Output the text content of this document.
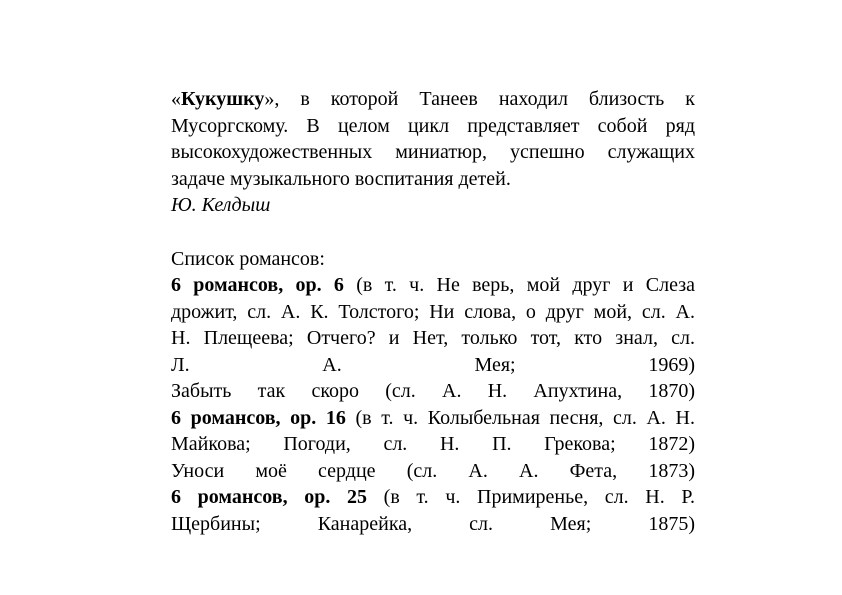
«Кукушку», в которой Танеев находил близость к
Мусоргскому. В целом цикл представляет собой ряд
высокохудожественных миниатюр, успешно служащих
задаче музыкального воспитания детей.
Ю. Келдыш
Список романсов:
6 романсов, ор. 6 (в т. ч. Не верь, мой друг и Слеза
дрожит, сл. А. К. Толстого; Ни слова, о друг мой, сл. А.
Н. Плещеева; Отчего? и Нет, только тот, кто знал, сл.
Л. А. Мея; 1969)
Забыть так скоро (сл. А. Н. Апухтина, 1870)
6 романсов, ор. 16 (в т. ч. Колыбельная песня, сл. А. Н.
Майкова; Погоди, сл. Н. П. Грекова; 1872)
Уноси моё сердце (сл. А. А. Фета, 1873)
6 романсов, ор. 25 (в т. ч. Примиренье, сл. Н. Р.
Щербины; Канарейка, сл. Мея; 1875)
